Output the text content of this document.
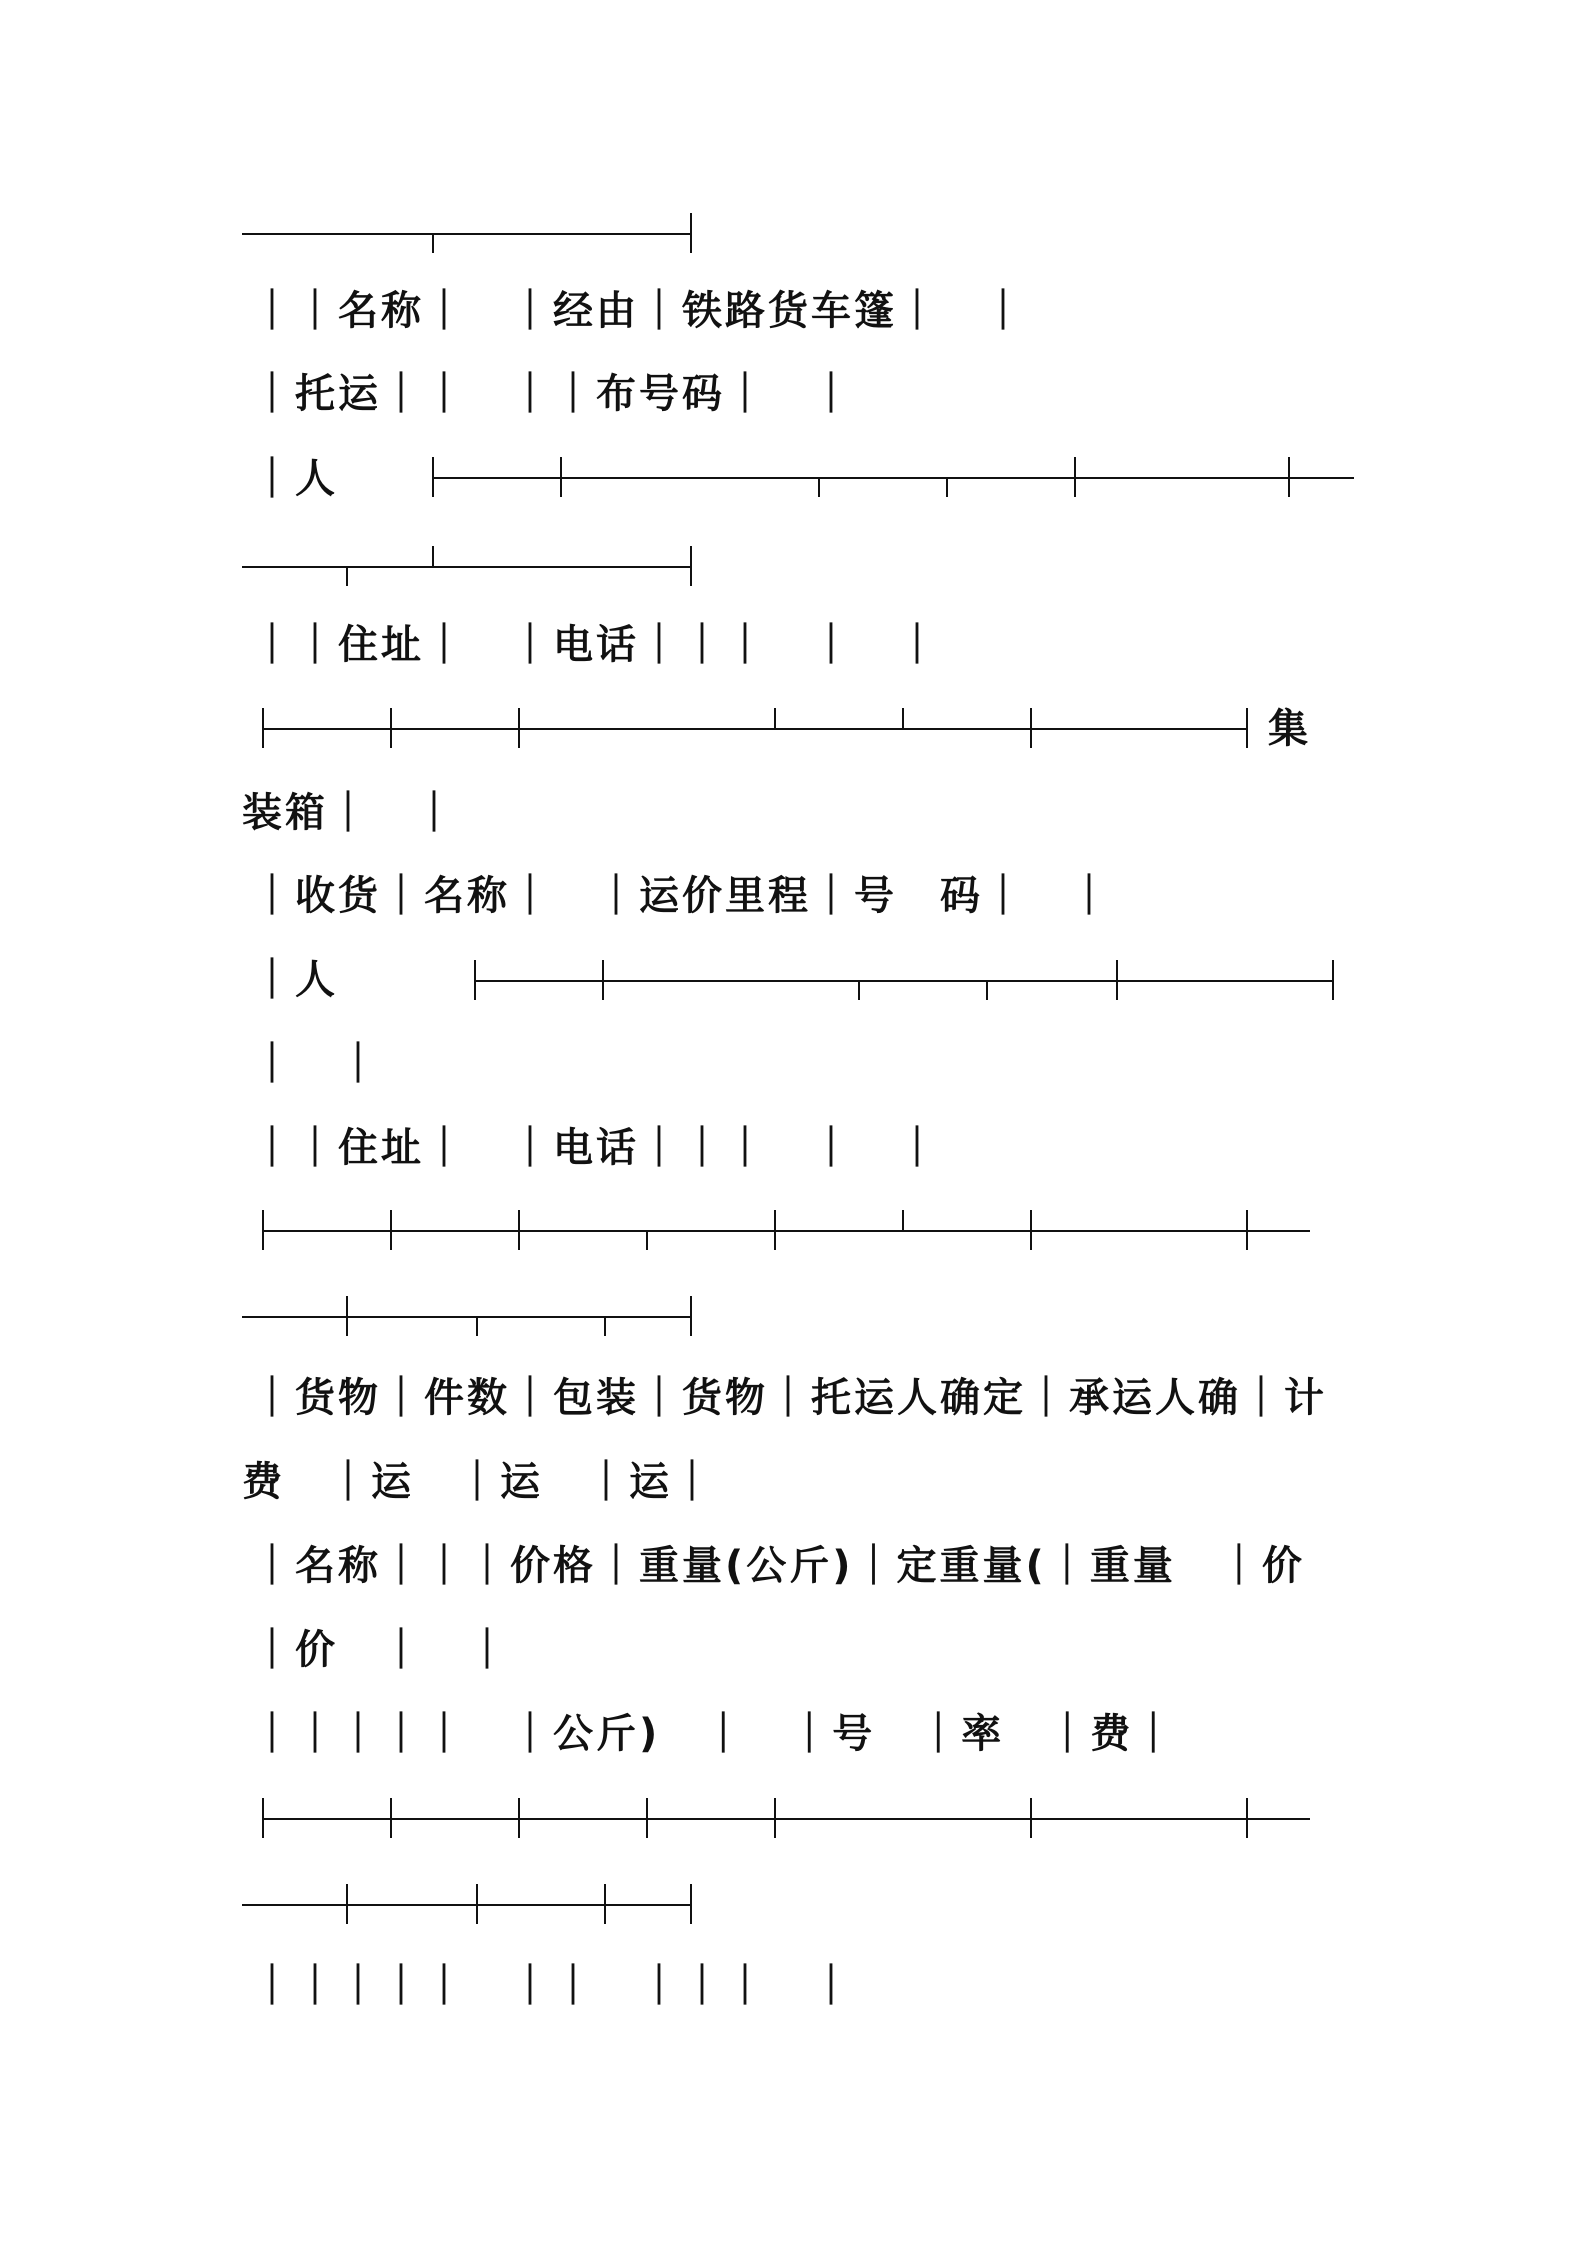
｜｜名称｜　｜经由｜铁路货车篷｜　｜
｜托运｜｜　｜｜布号码｜　｜
｜人
｜｜住址｜　｜电话｜｜｜　｜　｜
集
装箱｜　｜
｜收货｜名称｜　｜运价里程｜号　码｜　｜
｜人
｜　｜
｜｜住址｜　｜电话｜｜｜　｜　｜
｜货物｜件数｜包装｜货物｜托运人确定｜承运人确｜计
费　｜运　｜运　｜运｜
｜名称｜｜｜价格｜重量(公斤)｜定重量(｜重量　｜价
｜价　｜　｜
｜｜｜｜｜　｜公斤)　｜　｜号　｜率　｜费｜
｜｜｜｜｜　｜｜　｜｜｜　｜
